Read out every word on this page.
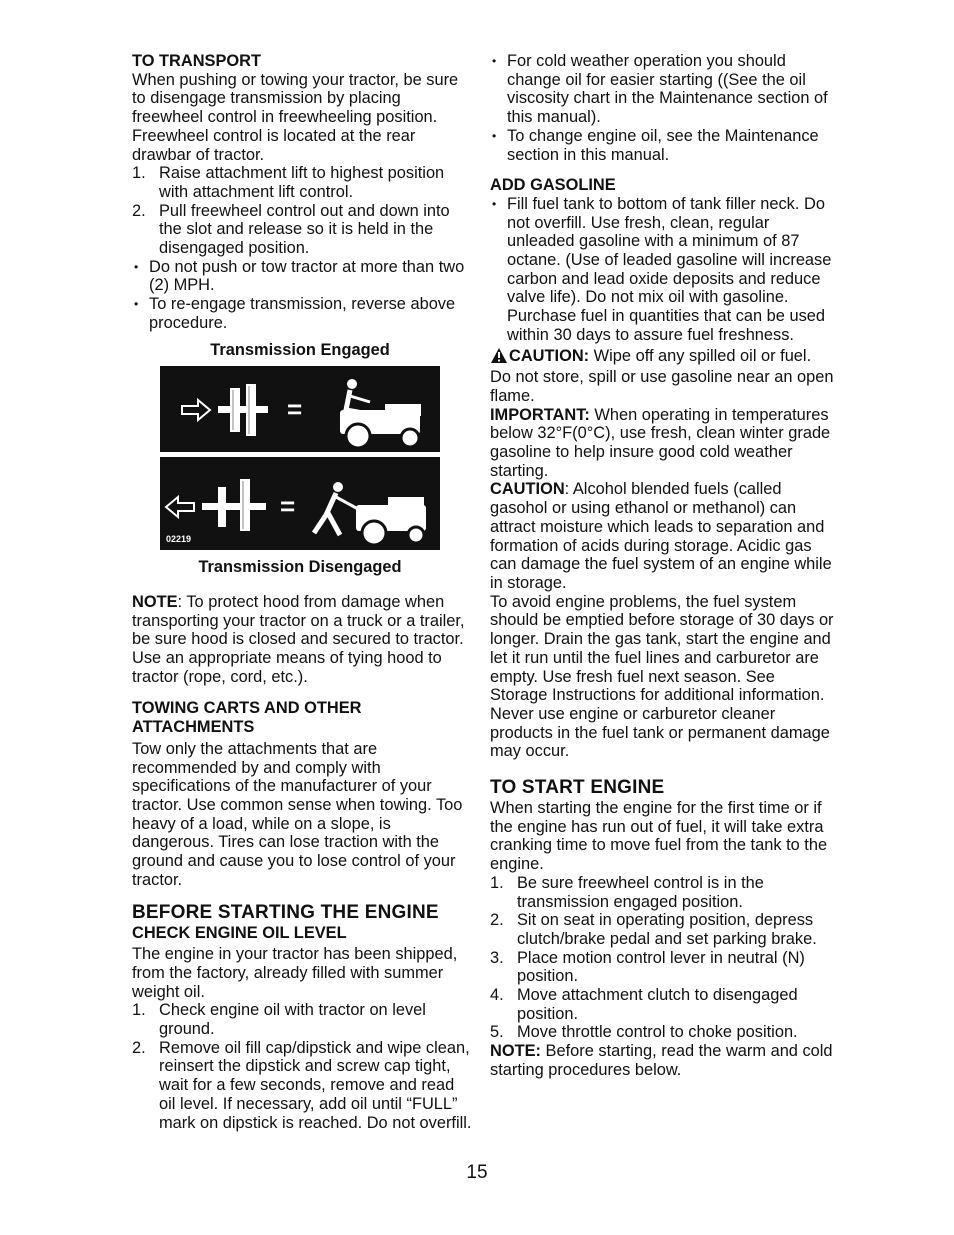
TO TRANSPORT

When pushing or towing your tractor, be sure to disengage transmission by placing freewheel control in freewheeling position. Freewheel control is located at the rear drawbar of tractor.

1. Raise attachment lift to highest position with attachment lift control.
2. Pull freewheel control out and down into the slot and release so it is held in the disengaged position.
• Do not push or tow tractor at more than two (2) MPH.
• To re-engage transmission, reverse above procedure.

Transmission Engaged

=
=
02219

Transmission Disengaged

NOTE: To protect hood from damage when transporting your tractor on a truck or a trailer, be sure hood is closed and secured to tractor. Use an appropriate means of tying hood to tractor (rope, cord, etc.).

TOWING CARTS AND OTHER ATTACHMENTS

Tow only the attachments that are recommended by and comply with specifications of the manufacturer of your tractor. Use common sense when towing. Too heavy of a load, while on a slope, is dangerous. Tires can lose traction with the ground and cause you to lose control of your tractor.

BEFORE STARTING THE ENGINE

CHECK ENGINE OIL LEVEL

The engine in your tractor has been shipped, from the factory, already filled with summer weight oil.

1. Check engine oil with tractor on level ground.
2. Remove oil fill cap/dipstick and wipe clean, reinsert the dipstick and screw cap tight, wait for a few seconds, remove and read oil level. If necessary, add oil until “FULL” mark on dipstick is reached. Do not overfill.
• For cold weather operation you should change oil for easier starting ((See the oil viscosity chart in the Maintenance section of this manual).
• To change engine oil, see the Maintenance section in this manual.

ADD GASOLINE

• Fill fuel tank to bottom of tank filler neck. Do not overfill. Use fresh, clean, regular unleaded gasoline with a minimum of 87 octane. (Use of leaded gasoline will increase carbon and lead oxide deposits and reduce valve life). Do not mix oil with gasoline. Purchase fuel in quantities that can be used within 30 days to assure fuel freshness.

CAUTION: Wipe off any spilled oil or fuel. Do not store, spill or use gasoline near an open flame.

IMPORTANT: When operating in temperatures below 32°F(0°C), use fresh, clean winter grade gasoline to help insure good cold weather starting.

CAUTION: Alcohol blended fuels (called gasohol or using ethanol or methanol) can attract moisture which leads to separation and formation of acids during storage. Acidic gas can damage the fuel system of an engine while in storage.

To avoid engine problems, the fuel system should be emptied before storage of 30 days or longer. Drain the gas tank, start the engine and let it run until the fuel lines and carburetor are empty. Use fresh fuel next season. See Storage Instructions for additional information.

Never use engine or carburetor cleaner products in the fuel tank or permanent damage may occur.

TO START ENGINE

When starting the engine for the first time or if the engine has run out of fuel, it will take extra cranking time to move fuel from the tank to the engine.

1. Be sure freewheel control is in the transmission engaged position.
2. Sit on seat in operating position, depress clutch/brake pedal and set parking brake.
3. Place motion control lever in neutral (N) position.
4. Move attachment clutch to disengaged position.
5. Move throttle control to choke position.

NOTE: Before starting, read the warm and cold starting procedures below.

15
